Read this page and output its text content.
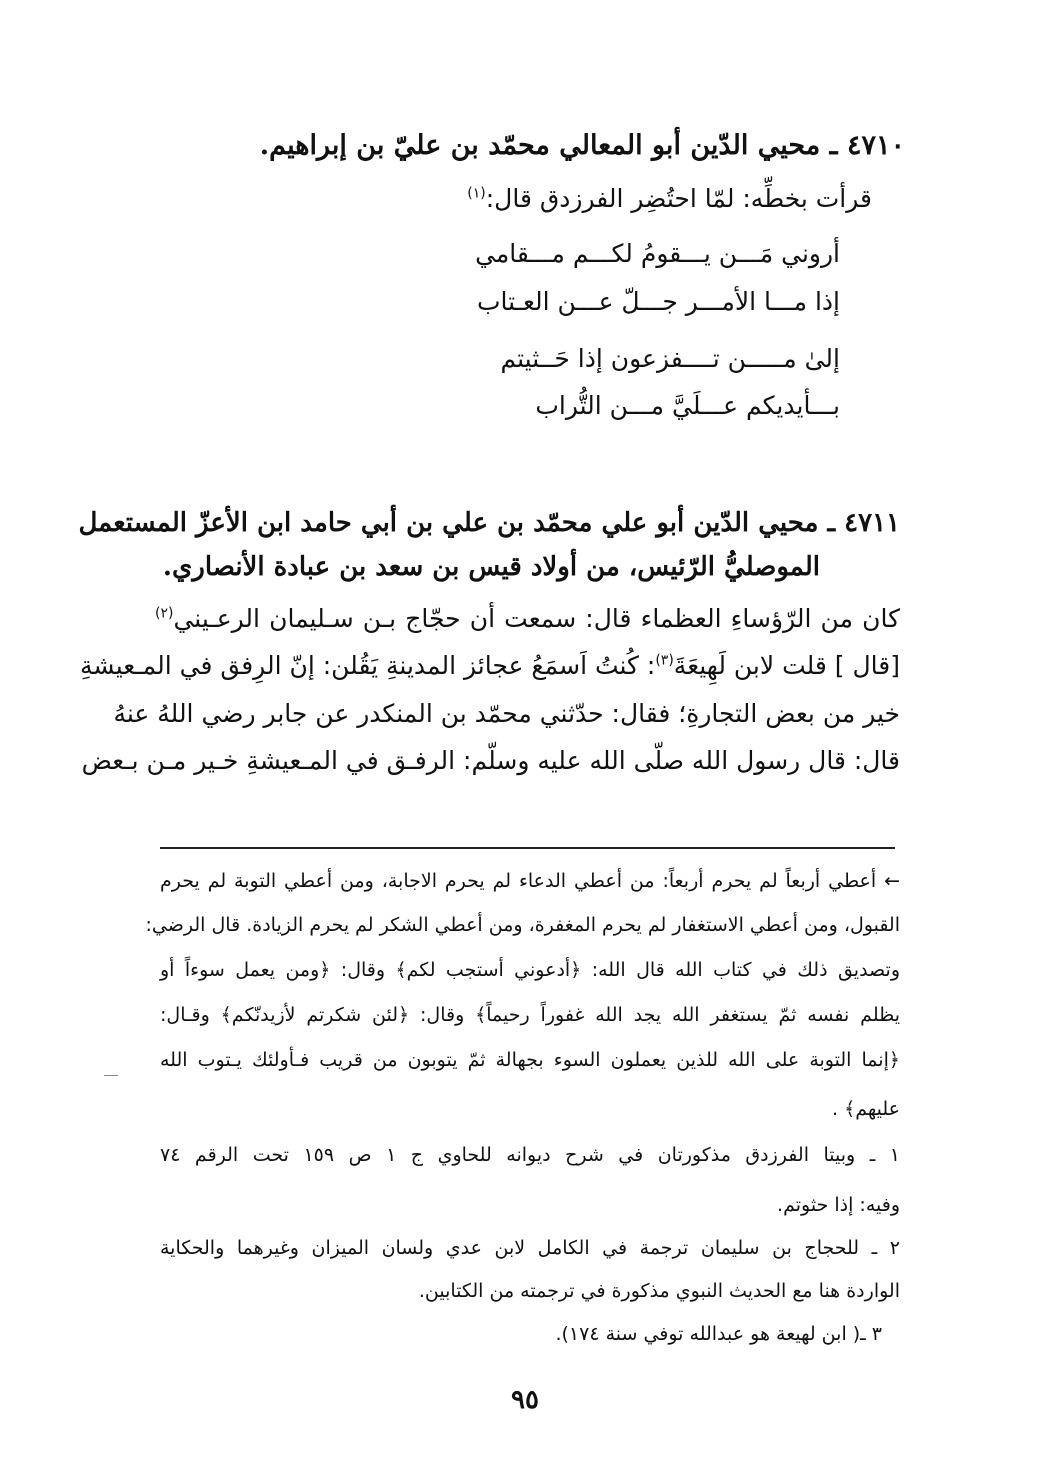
٤٧١٠ ـ محيي الدّين أبو المعالي محمّد بن عليّ بن إبراهيم.
قرأت بخطِّه: لمّا احتُضِر الفرزدق قال:$^{(١)}$
أروني مَـــن يـــقومُ لكـــم مـــقامي
إذا مـــا الأمـــر جـــلّ عـــن العـتاب
إلىٰ مـــــن تــــفزعون إذا حَــثيتم
بـــأيديكم عـــلَيَّ مـــن التُّراب
٤٧١١ ـ محيي الدّين أبو علي محمّد بن علي بن أبي حامد ابن الأعزّ المستعمل
الموصليُّ الرّئيس، من أولاد قيس بن سعد بن عبادة الأنصاري.
كان من الرّؤساءِ العظماء قال: سمعت أن حجّاج بـن سـليمان الرعـيني$^{(٢)}$
[قال ] قلت لابن لَهِيعَةَ$^{(٣)}$: كُنتُ اَسمَعُ عجائز المدينةِ يَقُلن: إنّ الرِفق في المـعيشةِ
خير من بعض التجارةِ؛ فقال: حدّثني محمّد بن المنكدر عن جابر رضي اللهُ عنهُ
قال: قال رسول الله صلّى الله عليه وسلّم: الرفـق في المـعيشةِ خـير مـن بـعض
← أعطي أربعاً لم يحرم أربعاً: من أعطي الدعاء لم يحرم الاجابة، ومن أعطي التوبة لم يحرم
القبول، ومن أعطي الاستغفار لم يحرم المغفرة، ومن أعطي الشكر لم يحرم الزيادة. قال الرضي:
وتصديق ذلك في كتاب الله قال الله: ﴿أدعوني أستجب لكم﴾ وقال: ﴿ومن يعمل سوءاً أو
يظلم نفسه ثمّ يستغفر الله يجد الله غفوراً رحيماً﴾ وقال: ﴿لئن شكرتم لأزيدنّكم﴾ وقـال:
﴿إنما التوبة على الله للذين يعملون السوء بجهالة ثمّ يتوبون من قريب فـأولئك يـتوب الله
عليهم﴾ .
١ ـ وبيتا الفرزدق مذكورتان في شرح ديوانه للحاوي ج ١ ص ١٥٩ تحت الرقم ٧٤
وفيه: إذا حثوتم.
٢ ـ للحجاج بن سليمان ترجمة في الكامل لابن عدي ولسان الميزان وغيرهما والحكاية
الواردة هنا مع الحديث النبوي مذكورة في ترجمته من الكتابين.
٣ ـ( ابن لهيعة هو عبدالله توفي سنة ١٧٤).
٩٥
